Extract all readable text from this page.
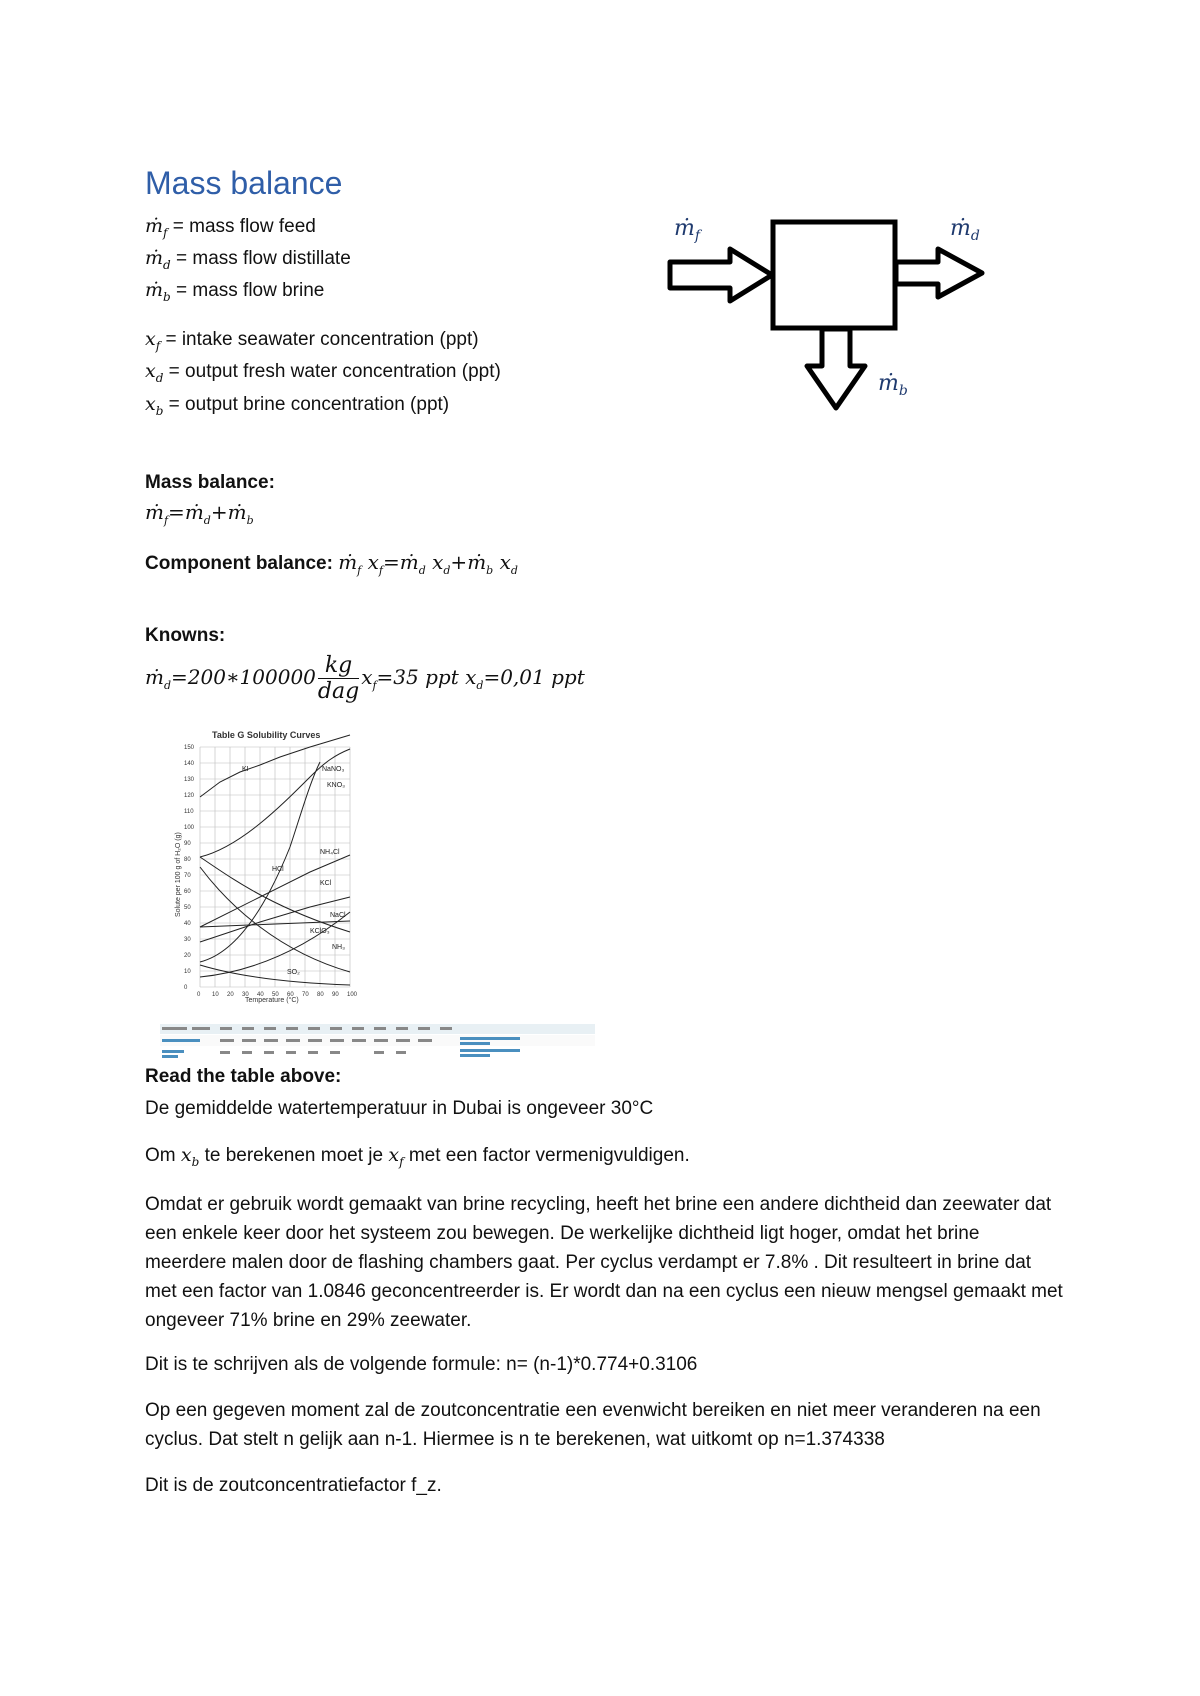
Mass balance
ṁ$_f$ = mass flow feed
ṁ$_d$ = mass flow distillate
ṁ$_b$ = mass flow brine
$x_f$ = intake seawater concentration (ppt)
$x_d$ = output fresh water concentration (ppt)
$x_b$ = output brine concentration (ppt)
ṁ$_f$	ṁ$_d$
ṁ$_b$
Mass balance:
ṁ$_f$=ṁ$_d$+ṁ$_b$
Component balance: ṁ$_f$ $x_f=ṁ_d$ $x_d+ṁ_b$ $x_d$
Knowns:
ṁ$_d$=200∗100000 $\frac{kg}{\text{dag}} x_f=35$ ppt $x_d=0,01$ ppt
Table G Solubility Curves
Solute per 100 g of H₂O (g)
Temperature (°C)
0 10 20 30 40 50 60 70 80 90 100
0
10
20
30
40
50
60
70
80
90
100
110
120
130
140
150
KI	NaNO₃
KNO₃
NH₄Cl
HCl
KCl
NaCl
KClO₃
NH₃
SO₂
Read the table above:
De gemiddelde watertemperatuur in Dubai is ongeveer 30°C
Om $x_b$ te berekenen moet je $x_f$ met een factor vermenigvuldigen.

Omdat er gebruik wordt gemaakt van brine recycling, heeft het brine een andere dichtheid dan zeewater dat een enkele keer door het systeem zou bewegen. De werkelijke dichtheid ligt hoger, omdat het brine meerdere malen door de flashing chambers gaat. Per cyclus verdampt er 7.8% . Dit resulteert in brine dat met een factor van 1.0846 geconcentreerder is. Er wordt dan na een cyclus een nieuw mengsel gemaakt met ongeveer 71% brine en 29% zeewater.

Dit is te schrijven als de volgende formule: n= (n-1)*0.774+0.3106

Op een gegeven moment zal de zoutconcentratie een evenwicht bereiken en niet meer veranderen na een cyclus. Dat stelt n gelijk aan n-1. Hiermee is n te berekenen, wat uitkomt op n=1.374338

Dit is de zoutconcentratiefactor f_z.
